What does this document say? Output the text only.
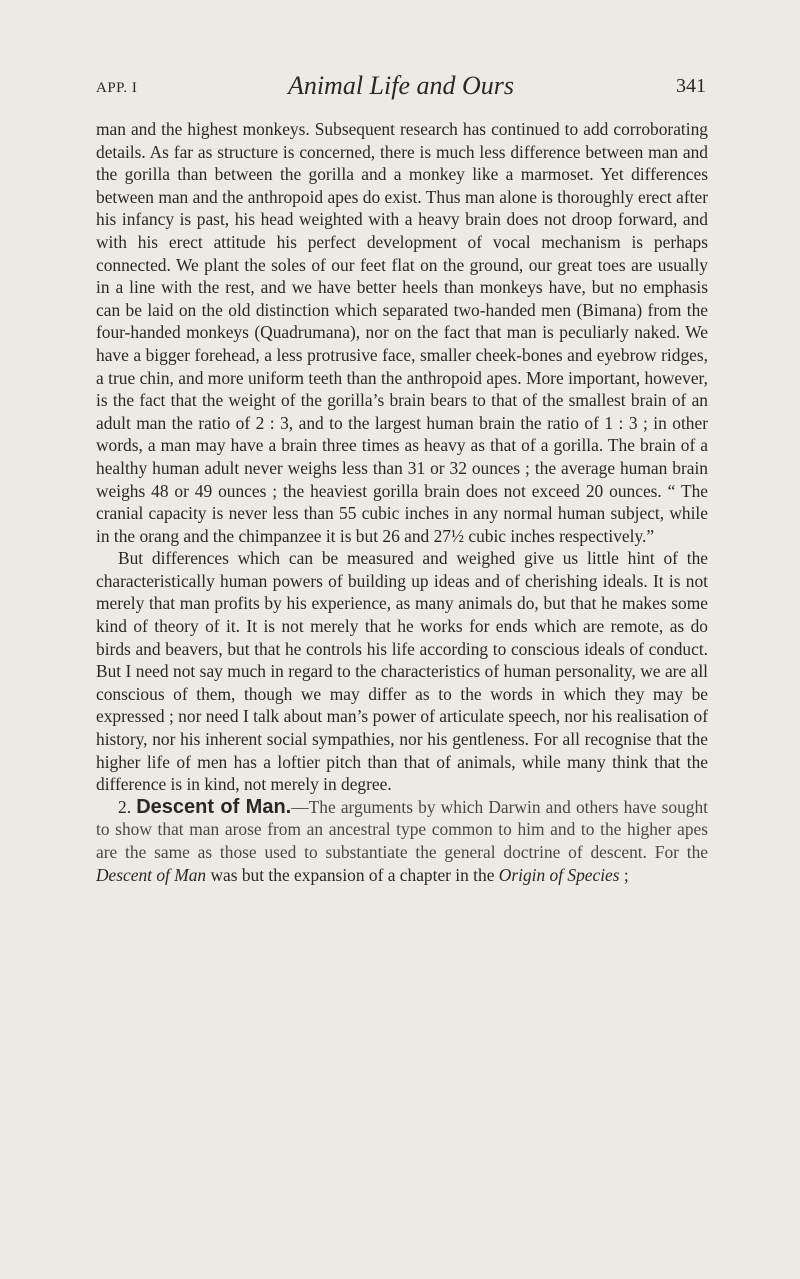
APP. I	Animal Life and Ours	341

man and the highest monkeys. Subsequent research has continued to add corroborating details. As far as structure is concerned, there is much less difference between man and the gorilla than between the gorilla and a monkey like a marmoset. Yet differences between man and the anthropoid apes do exist. Thus man alone is thoroughly erect after his infancy is past, his head weighted with a heavy brain does not droop forward, and with his erect attitude his perfect development of vocal mechanism is perhaps connected. We plant the soles of our feet flat on the ground, our great toes are usually in a line with the rest, and we have better heels than monkeys have, but no emphasis can be laid on the old distinction which separated two-handed men (Bimana) from the four-handed monkeys (Quadrumana), nor on the fact that man is peculiarly naked. We have a bigger forehead, a less protrusive face, smaller cheek-bones and eyebrow ridges, a true chin, and more uniform teeth than the anthropoid apes. More important, however, is the fact that the weight of the gorilla’s brain bears to that of the smallest brain of an adult man the ratio of 2 : 3, and to the largest human brain the ratio of 1 : 3 ; in other words, a man may have a brain three times as heavy as that of a gorilla. The brain of a healthy human adult never weighs less than 31 or 32 ounces ; the average human brain weighs 48 or 49 ounces ; the heaviest gorilla brain does not exceed 20 ounces. “ The cranial capacity is never less than 55 cubic inches in any normal human subject, while in the orang and the chimpanzee it is but 26 and 27½ cubic inches respectively.”

But differences which can be measured and weighed give us little hint of the characteristically human powers of building up ideas and of cherishing ideals. It is not merely that man profits by his experience, as many animals do, but that he makes some kind of theory of it. It is not merely that he works for ends which are remote, as do birds and beavers, but that he controls his life according to conscious ideals of conduct. But I need not say much in regard to the characteristics of human personality, we are all conscious of them, though we may differ as to the words in which they may be expressed ; nor need I talk about man’s power of articulate speech, nor his realisation of history, nor his inherent social sympathies, nor his gentleness. For all recognise that the higher life of men has a loftier pitch than that of animals, while many think that the difference is in kind, not merely in degree.

2. Descent of Man.—The arguments by which Darwin and others have sought to show that man arose from an ancestral type common to him and to the higher apes are the same as those used to substantiate the general doctrine of descent. For the Descent of Man was but the expansion of a chapter in the Origin of Species ;
